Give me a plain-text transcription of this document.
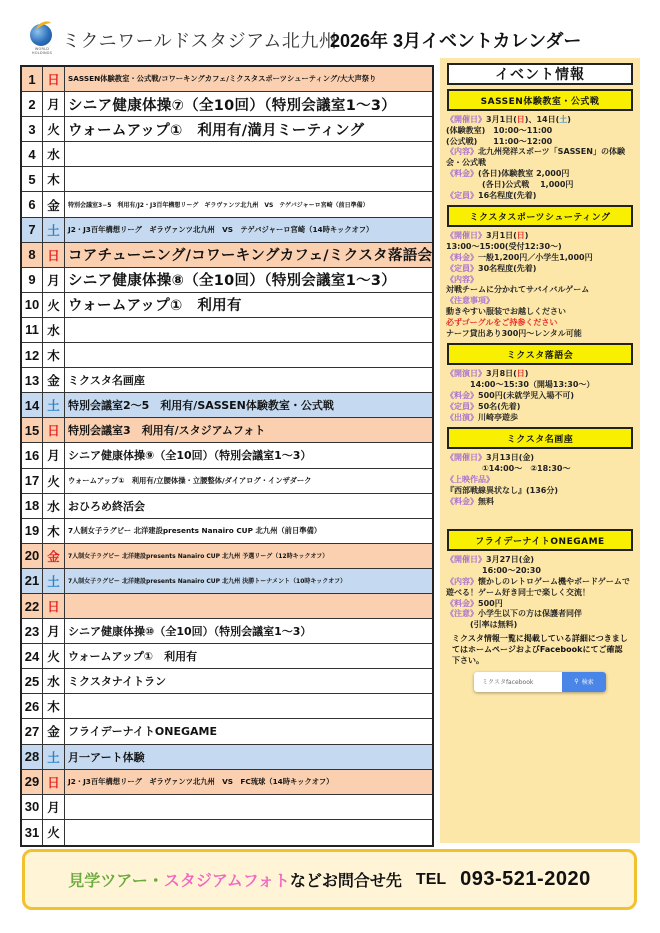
WORLD HOLDINGS
ミクニワールドスタジアム北九州
2026年 3月イベントカレンダー
1 日	SASSEN体験教室・公式戦/コワーキングカフェ/ミクスタスポーツシューティング/大大声祭り
2 月 シニア健康体操⑦（全10回）（特別会議室1～3）
3 火 ウォームアップ①　利用有/満月ミーティング
4 水
5 木
6 金	特別会議室3−5　利用有/J2・J3百年構想リーグ　ギラヴァンツ北九州　VS　テゲバジャーロ宮崎（前日準備）
7 土	J2・J3百年構想リーグ　ギラヴァンツ北九州　VS　テゲバジャーロ宮崎（14時キックオフ）
8 日 コアチューニング/コワーキングカフェ/ミクスタ落語会
9 月 シニア健康体操⑧（全10回）（特別会議室1～3）
10 火 ウォームアップ①　利用有
11 水
12 木
13 金 ミクスタ名画座
14 土 特別会議室2～5　利用有/SASSEN体験教室・公式戦
15 日 特別会議室3　利用有/スタジアムフォト
16 月 シニア健康体操⑨（全10回）（特別会議室1～3）
17 火	ウォームアップ①　利用有/立腰体操・立腰整体/ダイアログ・インザダーク
18 水 おひろめ終活会
19 木	7人制女子ラグビー 北洋建設presents Nanairo CUP 北九州（前日準備）
20 金	7人制女子ラグビー 北洋建設presents Nanairo CUP 北九州 予選リーグ（12時キックオフ）
21 土	7人制女子ラグビー 北洋建設presents Nanairo CUP 北九州 決勝トーナメント（10時キックオフ）
22 日
23 月 シニア健康体操⑩（全10回）（特別会議室1～3）
24 火 ウォームアップ①　利用有
25 水 ミクスタナイトラン
26 木
27 金 フライデーナイトONEGAME
28 土 月一アート体験
29 日	J2・J3百年構想リーグ　ギラヴァンツ北九州　VS　FC琉球（14時キックオフ）
30 月
31 火
イベント情報
SASSEN体験教室・公式戦
《開催日》3月1日(日)、14日(土)
(体験教室)　10:00～11:00
(公式戦)　　11:00～12:00
《内容》北九州発祥スポーツ「SASSEN」の体験会・公式戦
《料金》(各日)体験教室 2,000円
(各日)公式戦　 1,000円
《定員》16名程度(先着)
ミクスタスポーツシューティング
《開催日》3月1日(日)
13:00～15:00(受付12:30～)
《料金》一般1,200円／小学生1,000円
《定員》30名程度(先着)
《内容》
対戦チームに分かれてサバイバルゲーム
《注意事項》
動きやすい服装でお越しください
必ずゴーグルをご持参ください
ナーフ貸出あり300円～レンタル可能
ミクスタ落語会
《開演日》3月8日(日)
14:00～15:30（開場13:30～）
《料金》500円(未就学児入場不可)
《定員》50名(先着)
《出演》川崎亭遊歩
ミクスタ名画座
《開催日》3月13日(金)
①14:00～　②18:30～
《上映作品》
『西部戦線異状なし』(136分)
《料金》無料
フライデーナイトONEGAME
《開催日》3月27日(金)
16:00～20:30
《内容》懐かしのレトロゲーム機やボードゲームで遊べる！ゲーム好き同士で楽しく交流！
《料金》500円
《注意》小学生以下の方は保護者同伴
(引率は無料)
ミクスタ情報一覧に掲載している詳細につきましてはホームページおよびFacebookにてご確認下さい。
ミクスタfacebook	⚲ 検索
見学ツアー・ スタジアムフォト などお問合せ先 TEL 093-521-2020
